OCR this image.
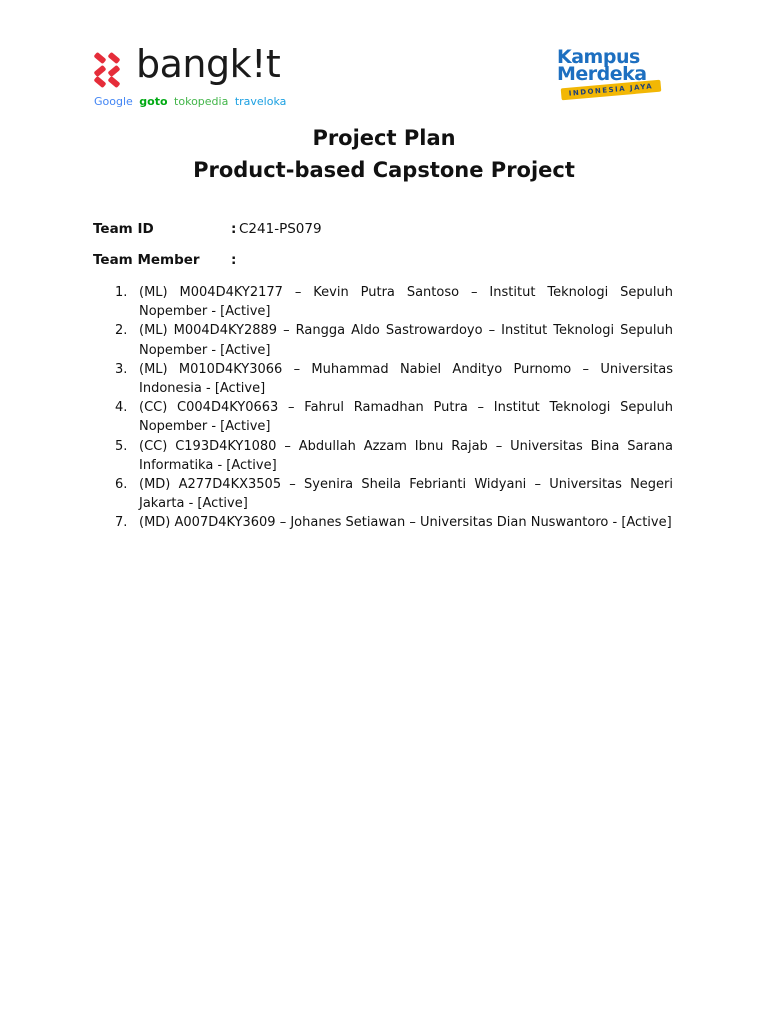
bangk!t
Google goto tokopedia traveloka
Kampus
Merdeka
INDONESIA JAYA
Project Plan
Product-based Capstone Project
Team ID	: C241-PS079
Team Member :
1. (ML) M004D4KY2177 – Kevin Putra Santoso – Institut Teknologi Sepuluh Nopember - [Active]
2. (ML) M004D4KY2889 – Rangga Aldo Sastrowardoyo – Institut Teknologi Sepuluh Nopember - [Active]
3. (ML) M010D4KY3066 – Muhammad Nabiel Andityo Purnomo – Universitas Indonesia - [Active]
4. (CC) C004D4KY0663 – Fahrul Ramadhan Putra – Institut Teknologi Sepuluh Nopember - [Active]
5. (CC) C193D4KY1080 – Abdullah Azzam Ibnu Rajab – Universitas Bina Sarana Informatika - [Active]
6. (MD) A277D4KX3505 – Syenira Sheila Febrianti Widyani – Universitas Negeri Jakarta - [Active]
7. (MD) A007D4KY3609 – Johanes Setiawan – Universitas Dian Nuswantoro - [Active]
